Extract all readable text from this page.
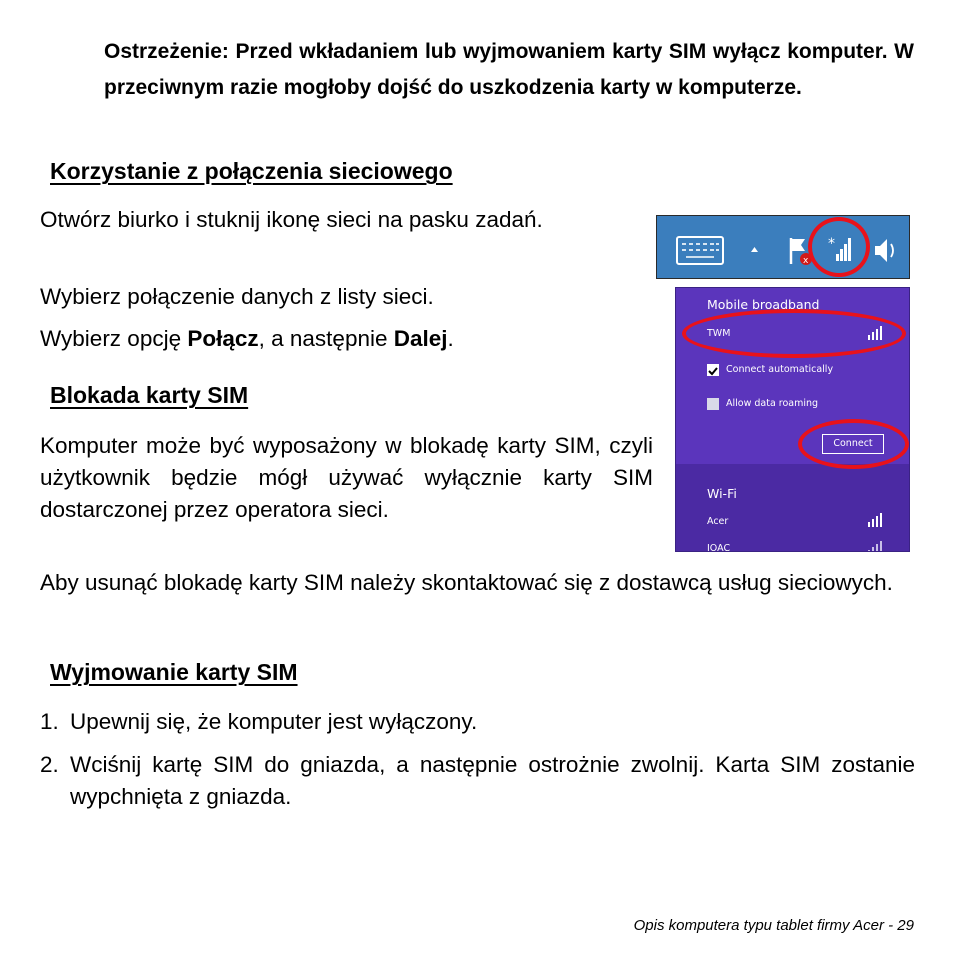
Ostrzeżenie: Przed wkładaniem lub wyjmowaniem karty SIM wyłącz komputer. W przeciwnym razie mogłoby dojść do uszkodzenia karty w komputerze.
Korzystanie z połączenia sieciowego
Otwórz biurko i stuknij ikonę sieci na pasku zadań.
Wybierz połączenie danych z listy sieci.
Wybierz opcję Połącz, a następnie Dalej.
Blokada karty SIM
Komputer może być wyposażony w blokadę karty SIM, czyli użytkownik będzie mógł używać wyłącznie karty SIM dostarczonej przez operatora sieci.
Aby usunąć blokadę karty SIM należy skontaktować się z dostawcą usług sieciowych.
Wyjmowanie karty SIM
1. Upewnij się, że komputer jest wyłączony.
2. Wciśnij kartę SIM do gniazda, a następnie ostrożnie zwolnij. Karta SIM zostanie wypchnięta z gniazda.
x
*
Mobile broadband
TWM
Connect automatically
Allow data roaming
Connect
Wi-Fi
Acer
IOAC
Opis komputera typu tablet firmy Acer - 29
